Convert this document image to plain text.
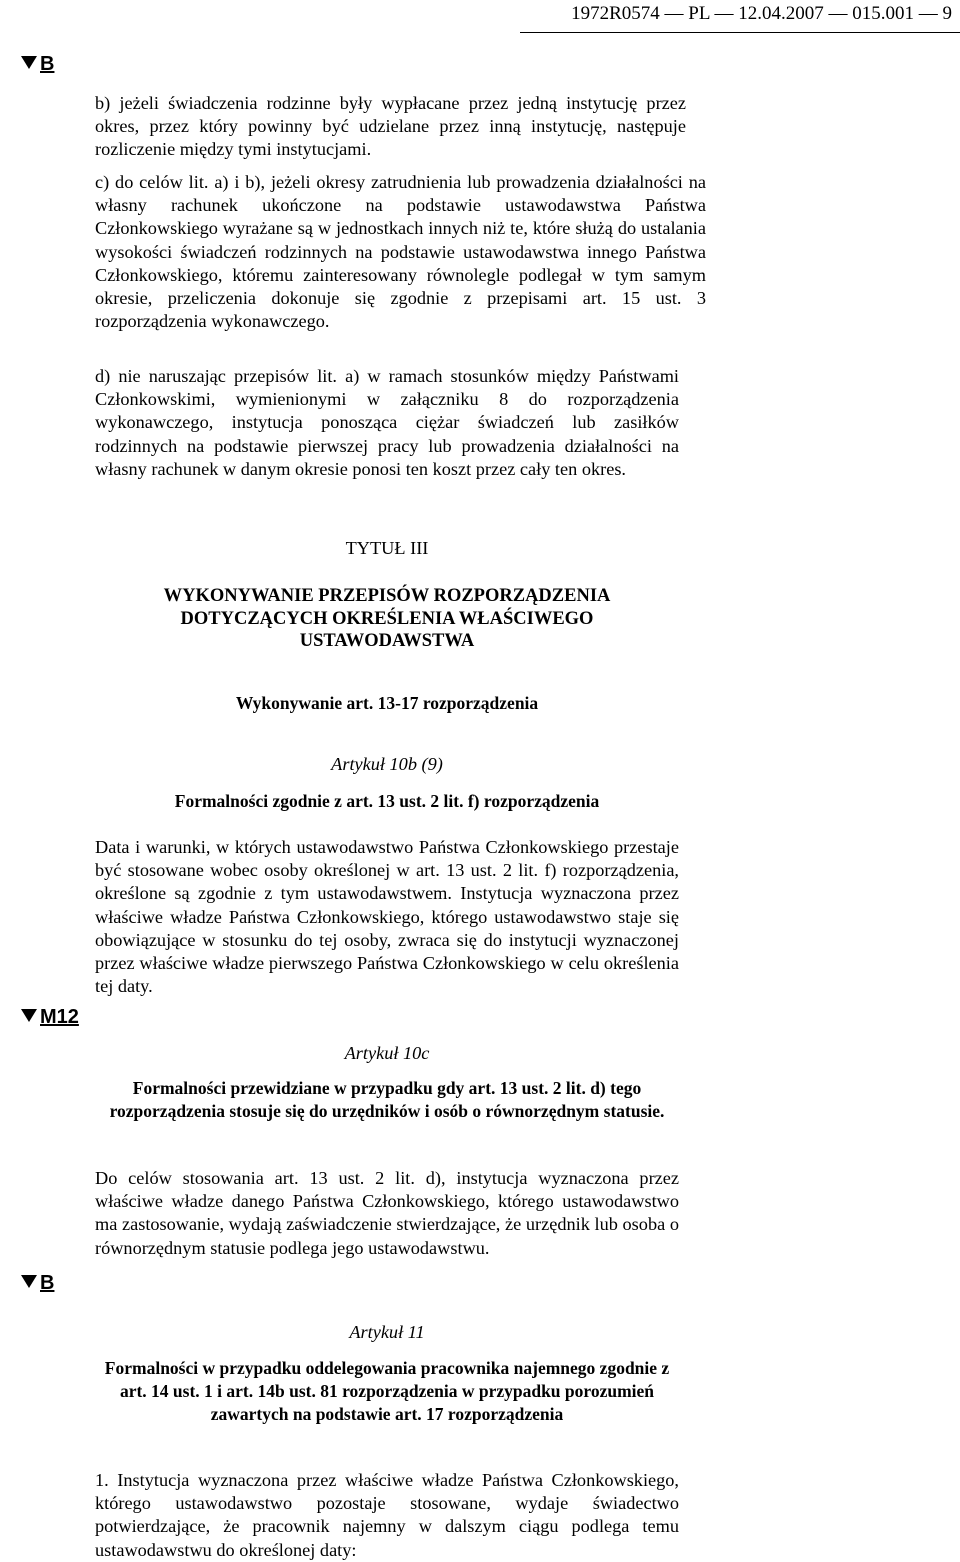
1972R0574 — PL — 12.04.2007 — 015.001 — 9
B

b) jeżeli świadczenia rodzinne były wypłacane przez jedną instytucję przez okres, przez który powinny być udzielane przez inną instytucję, następuje rozliczenie między tymi instytucjami.

c) do celów lit. a) i b), jeżeli okresy zatrudnienia lub prowadzenia działalności na własny rachunek ukończone na podstawie ustawodawstwa Państwa Członkowskiego wyrażane są w jednostkach innych niż te, które służą do ustalania wysokości świadczeń rodzinnych na podstawie ustawodawstwa innego Państwa Członkowskiego, któremu zainteresowany równolegle podlegał w tym samym okresie, przeliczenia dokonuje się zgodnie z przepisami art. 15 ust. 3 rozporządzenia wykonawczego.

d) nie naruszając przepisów lit. a) w ramach stosunków między Państwami Członkowskimi, wymienionymi w załączniku 8 do rozporządzenia wykonawczego, instytucja ponosząca ciężar świadczeń lub zasiłków rodzinnych na podstawie pierwszej pracy lub prowadzenia działalności na własny rachunek w danym okresie ponosi ten koszt przez cały ten okres.

TYTUŁ III

WYKONYWANIE PRZEPISÓW ROZPORZĄDZENIA DOTYCZĄCYCH OKREŚLENIA WŁAŚCIWEGO USTAWODAWSTWA

Wykonywanie art. 13-17 rozporządzenia

Artykuł 10b (9)

Formalności zgodnie z art. 13 ust. 2 lit. f) rozporządzenia

Data i warunki, w których ustawodawstwo Państwa Członkowskiego przestaje być stosowane wobec osoby określonej w art. 13 ust. 2 lit. f) rozporządzenia, określone są zgodnie z tym ustawodawstwem. Instytucja wyznaczona przez właściwe władze Państwa Członkowskiego, którego ustawodawstwo staje się obowiązujące w stosunku do tej osoby, zwraca się do instytucji wyznaczonej przez właściwe władze pierwszego Państwa Członkowskiego w celu określenia tej daty.

M12

Artykuł 10c

Formalności przewidziane w przypadku gdy art. 13 ust. 2 lit. d) tego rozporządzenia stosuje się do urzędników i osób o równorzędnym statusie.

Do celów stosowania art. 13 ust. 2 lit. d), instytucja wyznaczona przez właściwe władze danego Państwa Członkowskiego, którego ustawodawstwo ma zastosowanie, wydają zaświadczenie stwierdzające, że urzędnik lub osoba o równorzędnym statusie podlega jego ustawodawstwu.

B

Artykuł 11

Formalności w przypadku oddelegowania pracownika najemnego zgodnie z art. 14 ust. 1 i art. 14b ust. 81 rozporządzenia w przypadku porozumień zawartych na podstawie art. 17 rozporządzenia

1. Instytucja wyznaczona przez właściwe władze Państwa Członkowskiego, którego ustawodawstwo pozostaje stosowane, wydaje świadectwo potwierdzające, że pracownik najemny w dalszym ciągu podlega temu ustawodawstwu do określonej daty:
